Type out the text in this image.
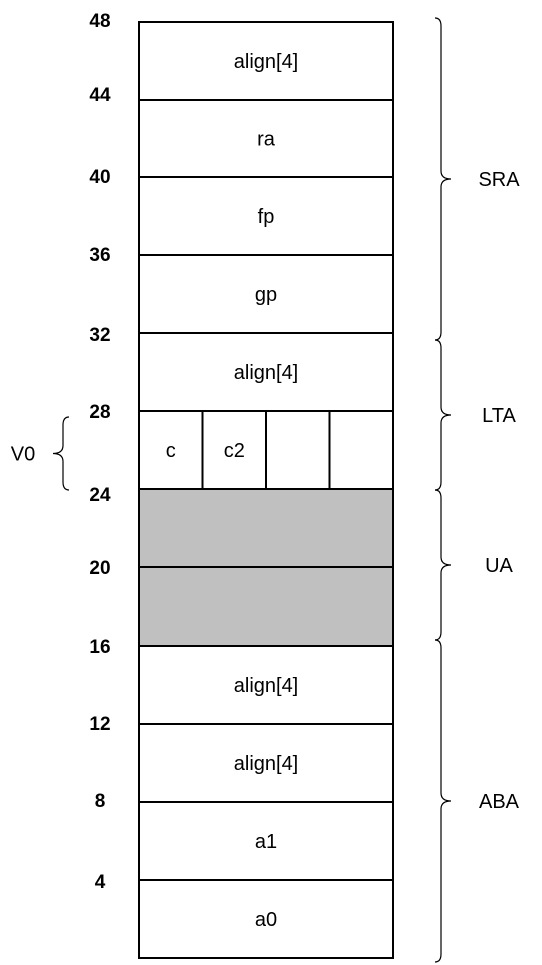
align[4]
ra
fp
gp
align[4]
c c2
align[4]
align[4]
a1
a0
48
44
40
36
32
28
24
20
16
12
8
4
SRA
LTA
UA
ABA
V0
